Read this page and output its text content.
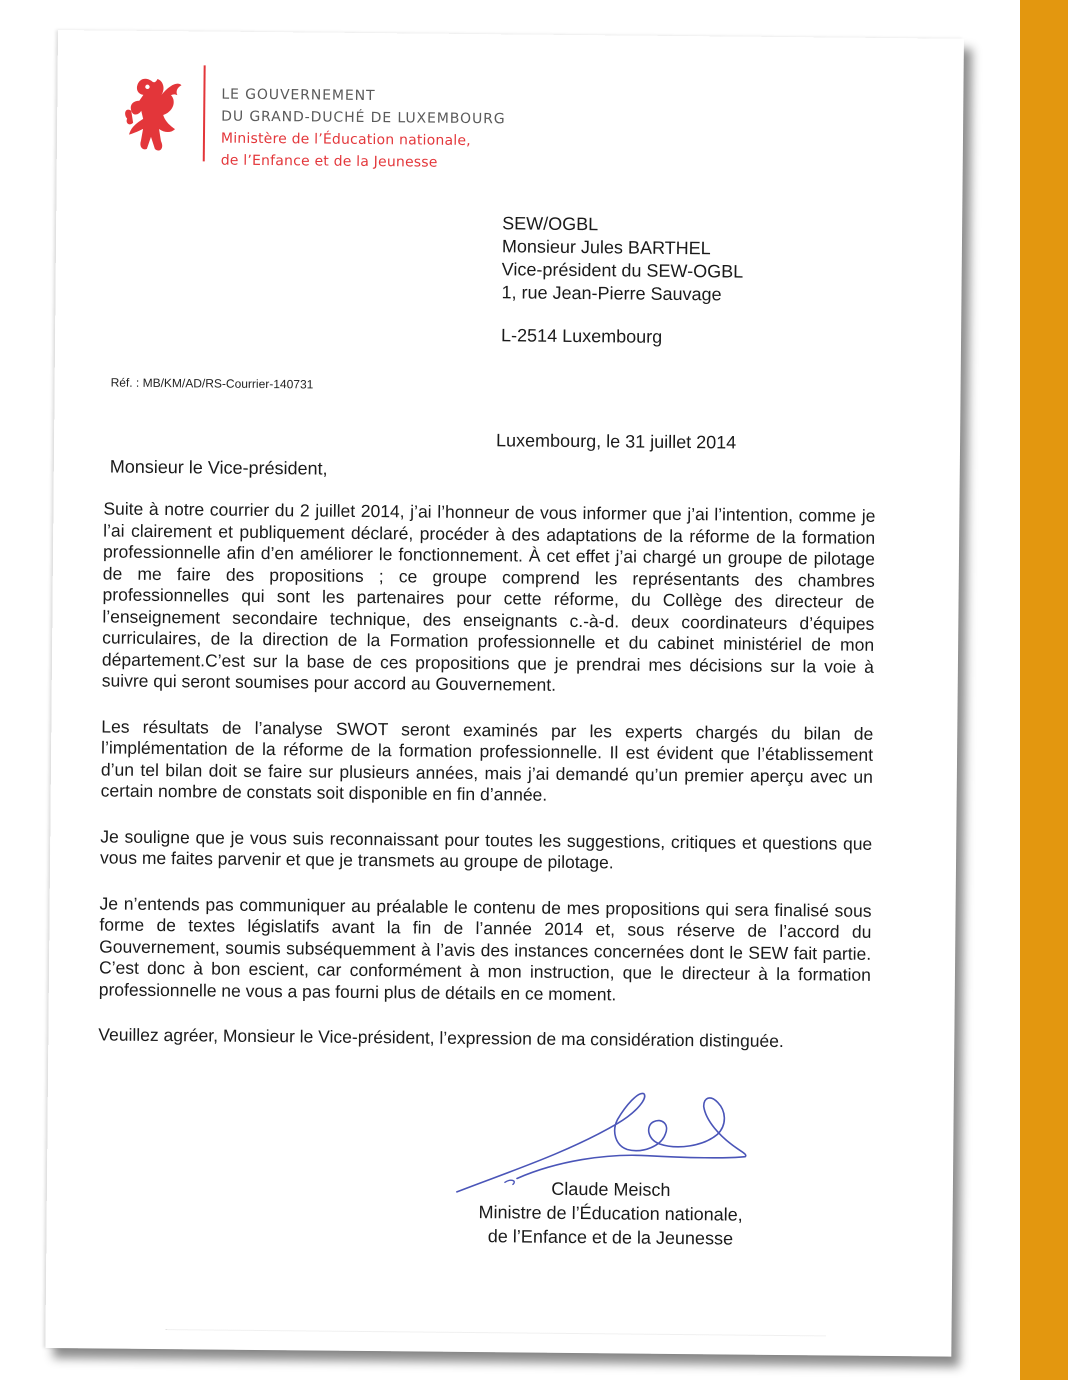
LE GOUVERNEMENT
DU GRAND-DUCHÉ DE LUXEMBOURG
Ministère de l’Éducation nationale,
de l’Enfance et de la Jeunesse
SEW/OGBL
Monsieur Jules BARTHEL
Vice-président du SEW-OGBL
1, rue Jean-Pierre Sauvage
L-2514 Luxembourg
Réf. : MB/KM/AD/RS-Courrier-140731
Luxembourg, le 31 juillet 2014
Monsieur le Vice-président,

Suite à notre courrier du 2 juillet 2014, j’ai l’honneur de vous informer que j’ai l’intention, comme je l’ai clairement et publiquement déclaré, procéder à des adaptations de la réforme de la formation professionnelle afin d’en améliorer le fonctionnement. À cet effet j’ai chargé un groupe de pilotage de me faire des propositions ; ce groupe comprend les représentants des chambres professionnelles qui sont les partenaires pour cette réforme, du Collège des directeur de l’enseignement secondaire technique, des enseignants c.-à-d. deux coordinateurs d’équipes curriculaires, de la direction de la Formation professionnelle et du cabinet ministériel de mon département.C’est sur la base de ces propositions que je prendrai mes décisions sur la voie à suivre qui seront soumises pour accord au Gouvernement.

Les résultats de l’analyse SWOT seront examinés par les experts chargés du bilan de l’implémentation de la réforme de la formation professionnelle. Il est évident que l’établissement d’un tel bilan doit se faire sur plusieurs années, mais j’ai demandé qu’un premier aperçu avec un certain nombre de constats soit disponible en fin d’année.

Je souligne que je vous suis reconnaissant pour toutes les suggestions, critiques et questions que vous me faites parvenir et que je transmets au groupe de pilotage.

Je n’entends pas communiquer au préalable le contenu de mes propositions qui sera finalisé sous forme de textes législatifs avant la fin de l’année 2014 et, sous réserve de l’accord du Gouvernement, soumis subséquemment à l’avis des instances concernées dont le SEW fait partie. C’est donc à bon escient, car conformément à mon instruction, que le directeur à la formation professionnelle ne vous a pas fourni plus de détails en ce moment.

Veuillez agréer, Monsieur le Vice-président, l’expression de ma considération distinguée.

Claude Meisch
Ministre de l’Éducation nationale,
de l’Enfance et de la Jeunesse
